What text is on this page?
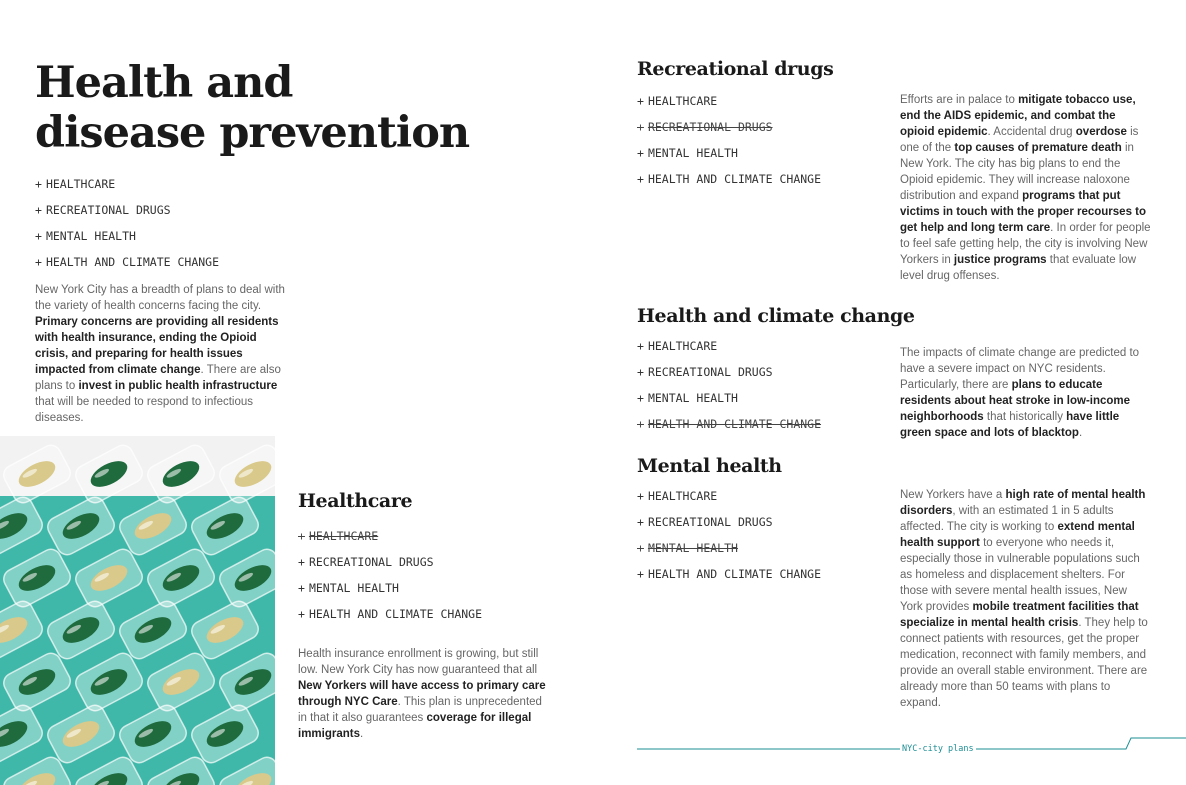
Health and
disease prevention
+ HEALTHCARE
+ RECREATIONAL DRUGS
+ MENTAL HEALTH
+ HEALTH AND CLIMATE CHANGE

New York City has a breadth of plans to deal with the variety of health concerns facing the city. Primary concerns are providing all residents with health insurance, ending the Opioid crisis, and preparing for health issues impacted from climate change. There are also plans to invest in public health infrastructure that will be needed to respond to infectious diseases.

Healthcare
+ HEALTHCARE
+ RECREATIONAL DRUGS
+ MENTAL HEALTH
+ HEALTH AND CLIMATE CHANGE

Health insurance enrollment is growing, but still low. New York City has now guaranteed that all New Yorkers will have access to primary care through NYC Care. This plan is unprecedented in that it also guarantees coverage for illegal immigrants.

Recreational drugs
+ HEALTHCARE
+ RECREATIONAL DRUGS
+ MENTAL HEALTH
+ HEALTH AND CLIMATE CHANGE

Efforts are in palace to mitigate tobacco use, end the AIDS epidemic, and combat the opioid epidemic. Accidental drug overdose is one of the top causes of premature death in New York. The city has big plans to end the Opioid epidemic. They will increase naloxone distribution and expand programs that put victims in touch with the proper recourses to get help and long term care. In order for people to feel safe getting help, the city is involving New Yorkers in justice programs that evaluate low level drug offenses.

Health and climate change
+ HEALTHCARE
+ RECREATIONAL DRUGS
+ MENTAL HEALTH
+ HEALTH AND CLIMATE CHANGE

The impacts of climate change are predicted to have a severe impact on NYC residents. Particularly, there are plans to educate residents about heat stroke in low-income neighborhoods that historically have little green space and lots of blacktop.

Mental health
+ HEALTHCARE
+ RECREATIONAL DRUGS
+ MENTAL HEALTH
+ HEALTH AND CLIMATE CHANGE

New Yorkers have a high rate of mental health disorders, with an estimated 1 in 5 adults affected. The city is working to extend mental health support to everyone who needs it, especially those in vulnerable populations such as homeless and displacement shelters. For those with severe mental health issues, New York provides mobile treatment facilities that specialize in mental health crisis. They help to connect patients with resources, get the proper medication, reconnect with family members, and provide an overall stable environment. There are already more than 50 teams with plans to expand.

NYC-city plans
